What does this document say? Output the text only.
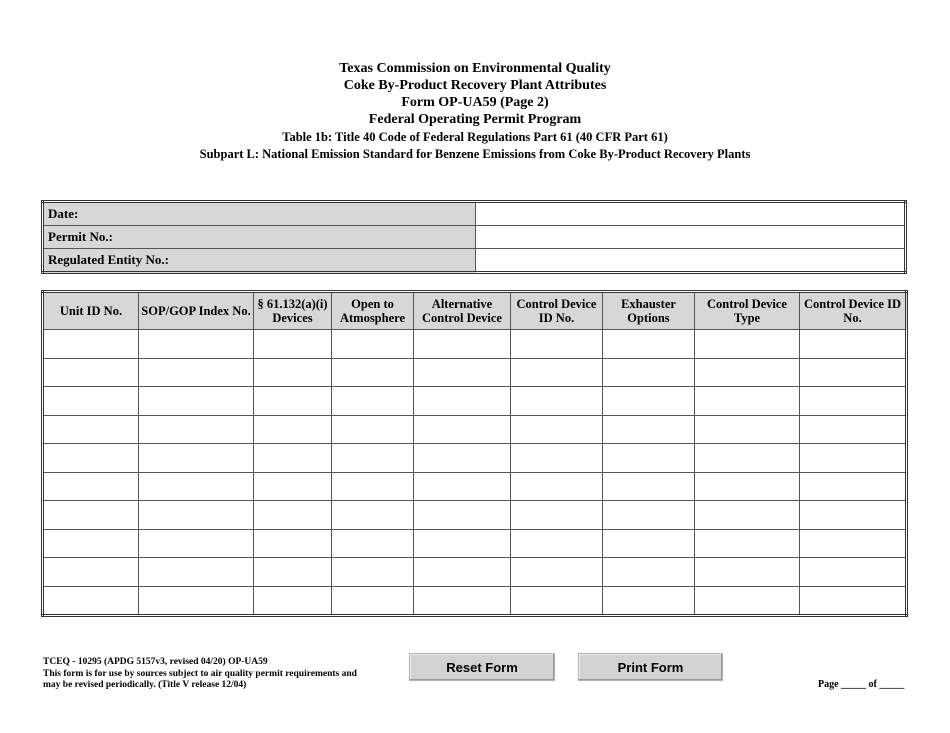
Texas Commission on Environmental Quality
Coke By-Product Recovery Plant Attributes
Form OP-UA59 (Page 2)
Federal Operating Permit Program
Table 1b: Title 40 Code of Federal Regulations Part 61 (40 CFR Part 61)
Subpart L: National Emission Standard for Benzene Emissions from Coke By-Product Recovery Plants
Date:	
Permit No.:	
Regulated Entity No.:	
Unit ID No.	SOP/GOP Index No.	§ 61.132(a)(i) Devices	Open to Atmosphere	Alternative Control Device	Control Device ID No.	Exhauster Options	Control Device Type	Control Device ID No.

TCEQ - 10295 (APDG 5157v3, revised 04/20) OP-UA59
This form is for use by sources subject to air quality permit requirements and
may be revised periodically. (Title V release 12/04)
Reset Form	Print Form
Page _____ of _____
